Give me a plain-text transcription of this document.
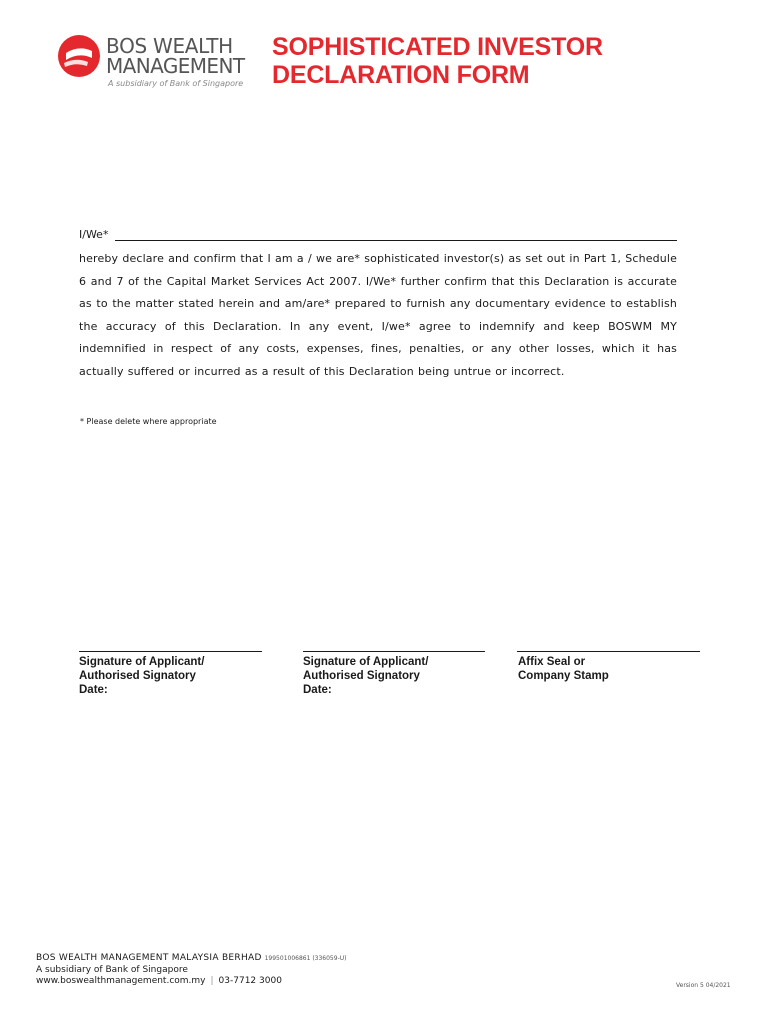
BOS WEALTH
MANAGEMENT
A subsidiary of Bank of Singapore
SOPHISTICATED INVESTOR
DECLARATION FORM
I/We*

hereby declare and confirm that I am a / we are* sophisticated investor(s) as set out in Part 1, Schedule 6 and 7 of the Capital Market Services Act 2007. I/We* further confirm that this Declaration is accurate as to the matter stated herein and am/are* prepared to furnish any documentary evidence to establish the accuracy of this Declaration. In any event, I/we* agree to indemnify and keep BOSWM MY indemnified in respect of any costs, expenses, fines, penalties, or any other losses, which it has actually suffered or incurred as a result of this Declaration being untrue or incorrect.

* Please delete where appropriate
Signature of Applicant/
Authorised Signatory
Date:
Signature of Applicant/
Authorised Signatory
Date:
Affix Seal or
Company Stamp
BOS WEALTH MANAGEMENT MALAYSIA BERHAD 199501006861 (336059-U)
A subsidiary of Bank of Singapore
www.boswealthmanagement.com.my | 03-7712 3000	Version 5 04/2021
